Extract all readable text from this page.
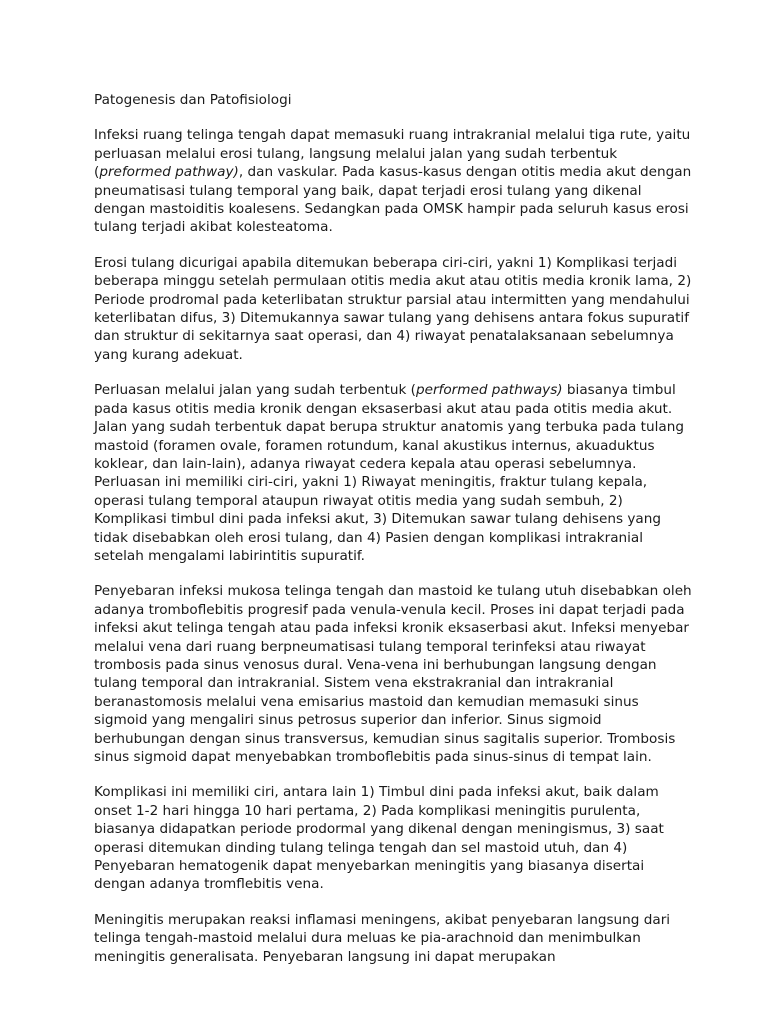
Patogenesis dan Patofisiologi

Infeksi ruang telinga tengah dapat memasuki ruang intrakranial melalui tiga rute, yaitu perluasan melalui erosi tulang, langsung melalui jalan yang sudah terbentuk (preformed pathway), dan vaskular. Pada kasus-kasus dengan otitis media akut dengan pneumatisasi tulang temporal yang baik, dapat terjadi erosi tulang yang dikenal dengan mastoiditis koalesens. Sedangkan pada OMSK hampir pada seluruh kasus erosi tulang terjadi akibat kolesteatoma.

Erosi tulang dicurigai apabila ditemukan beberapa ciri-ciri, yakni 1) Komplikasi terjadi beberapa minggu setelah permulaan otitis media akut atau otitis media kronik lama, 2) Periode prodromal pada keterlibatan struktur parsial atau intermitten yang mendahului keterlibatan difus, 3) Ditemukannya sawar tulang yang dehisens antara fokus supuratif dan struktur di sekitarnya saat operasi, dan 4) riwayat penatalaksanaan sebelumnya yang kurang adekuat.

Perluasan melalui jalan yang sudah terbentuk (performed pathways) biasanya timbul pada kasus otitis media kronik dengan eksaserbasi akut atau pada otitis media akut. Jalan yang sudah terbentuk dapat berupa struktur anatomis yang terbuka pada tulang mastoid (foramen ovale, foramen rotundum, kanal akustikus internus, akuaduktus koklear, dan lain-lain), adanya riwayat cedera kepala atau operasi sebelumnya. Perluasan ini memiliki ciri-ciri, yakni 1) Riwayat meningitis, fraktur tulang kepala, operasi tulang temporal ataupun riwayat otitis media yang sudah sembuh, 2) Komplikasi timbul dini pada infeksi akut, 3) Ditemukan sawar tulang dehisens yang tidak disebabkan oleh erosi tulang, dan 4) Pasien dengan komplikasi intrakranial setelah mengalami labirintitis supuratif.

Penyebaran infeksi mukosa telinga tengah dan mastoid ke tulang utuh disebabkan oleh adanya tromboflebitis progresif pada venula-venula kecil. Proses ini dapat terjadi pada infeksi akut telinga tengah atau pada infeksi kronik eksaserbasi akut. Infeksi menyebar melalui vena dari ruang berpneumatisasi tulang temporal terinfeksi atau riwayat trombosis pada sinus venosus dural. Vena-vena ini berhubungan langsung dengan tulang temporal dan intrakranial. Sistem vena ekstrakranial dan intrakranial beranastomosis melalui vena emisarius mastoid dan kemudian memasuki sinus sigmoid yang mengaliri sinus petrosus superior dan inferior. Sinus sigmoid berhubungan dengan sinus transversus, kemudian sinus sagitalis superior. Trombosis sinus sigmoid dapat menyebabkan tromboflebitis pada sinus-sinus di tempat lain.

Komplikasi ini memiliki ciri, antara lain 1) Timbul dini pada infeksi akut, baik dalam onset 1-2 hari hingga 10 hari pertama, 2) Pada komplikasi meningitis purulenta, biasanya didapatkan periode prodormal yang dikenal dengan meningismus, 3) saat operasi ditemukan dinding tulang telinga tengah dan sel mastoid utuh, dan 4) Penyebaran hematogenik dapat menyebarkan meningitis yang biasanya disertai dengan adanya tromflebitis vena.

Meningitis merupakan reaksi inflamasi meningens, akibat penyebaran langsung dari telinga tengah-mastoid melalui dura meluas ke pia-arachnoid dan menimbulkan meningitis generalisata. Penyebaran langsung ini dapat merupakan
